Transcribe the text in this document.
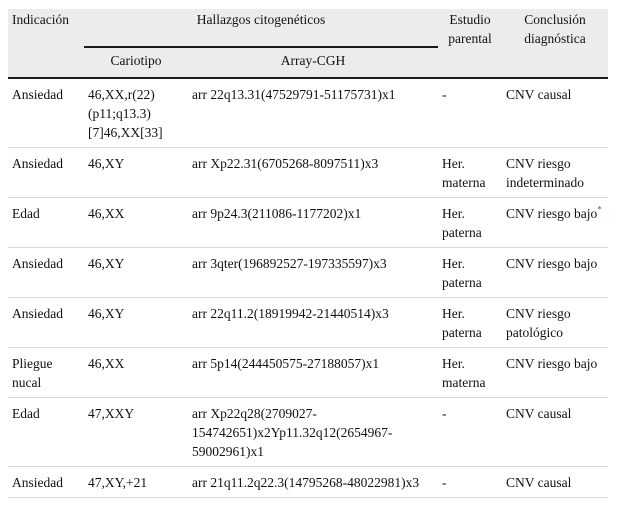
Indicación	Hallazgos citogenéticos		Estudio parental	Conclusión diagnóstica
	Cariotipo	Array-CGH		
Ansiedad	46,XX,r(22)(p11;q13.3)[7]46,XX[33]	arr 22q13.31(47529791-51175731)x1	-	CNV causal
Ansiedad	46,XY	arr Xp22.31(6705268-8097511)x3	Her. materna	CNV riesgo indeterminado
Edad	46,XX	arr 9p24.3(211086-1177202)x1	Her. paterna	CNV riesgo bajo*
Ansiedad	46,XY	arr 3qter(196892527-197335597)x3	Her. paterna	CNV riesgo bajo
Ansiedad	46,XY	arr 22q11.2(18919942-21440514)x3	Her. paterna	CNV riesgo patológico
Pliegue nucal	46,XX	arr 5p14(244450575-27188057)x1	Her. materna	CNV riesgo bajo
Edad	47,XXY	arr Xp22q28(2709027-154742651)x2Yp11.32q12(2654967-59002961)x1	-	CNV causal
Ansiedad	47,XY,+21	arr 21q11.2q22.3(14795268-48022981)x3	-	CNV causal
